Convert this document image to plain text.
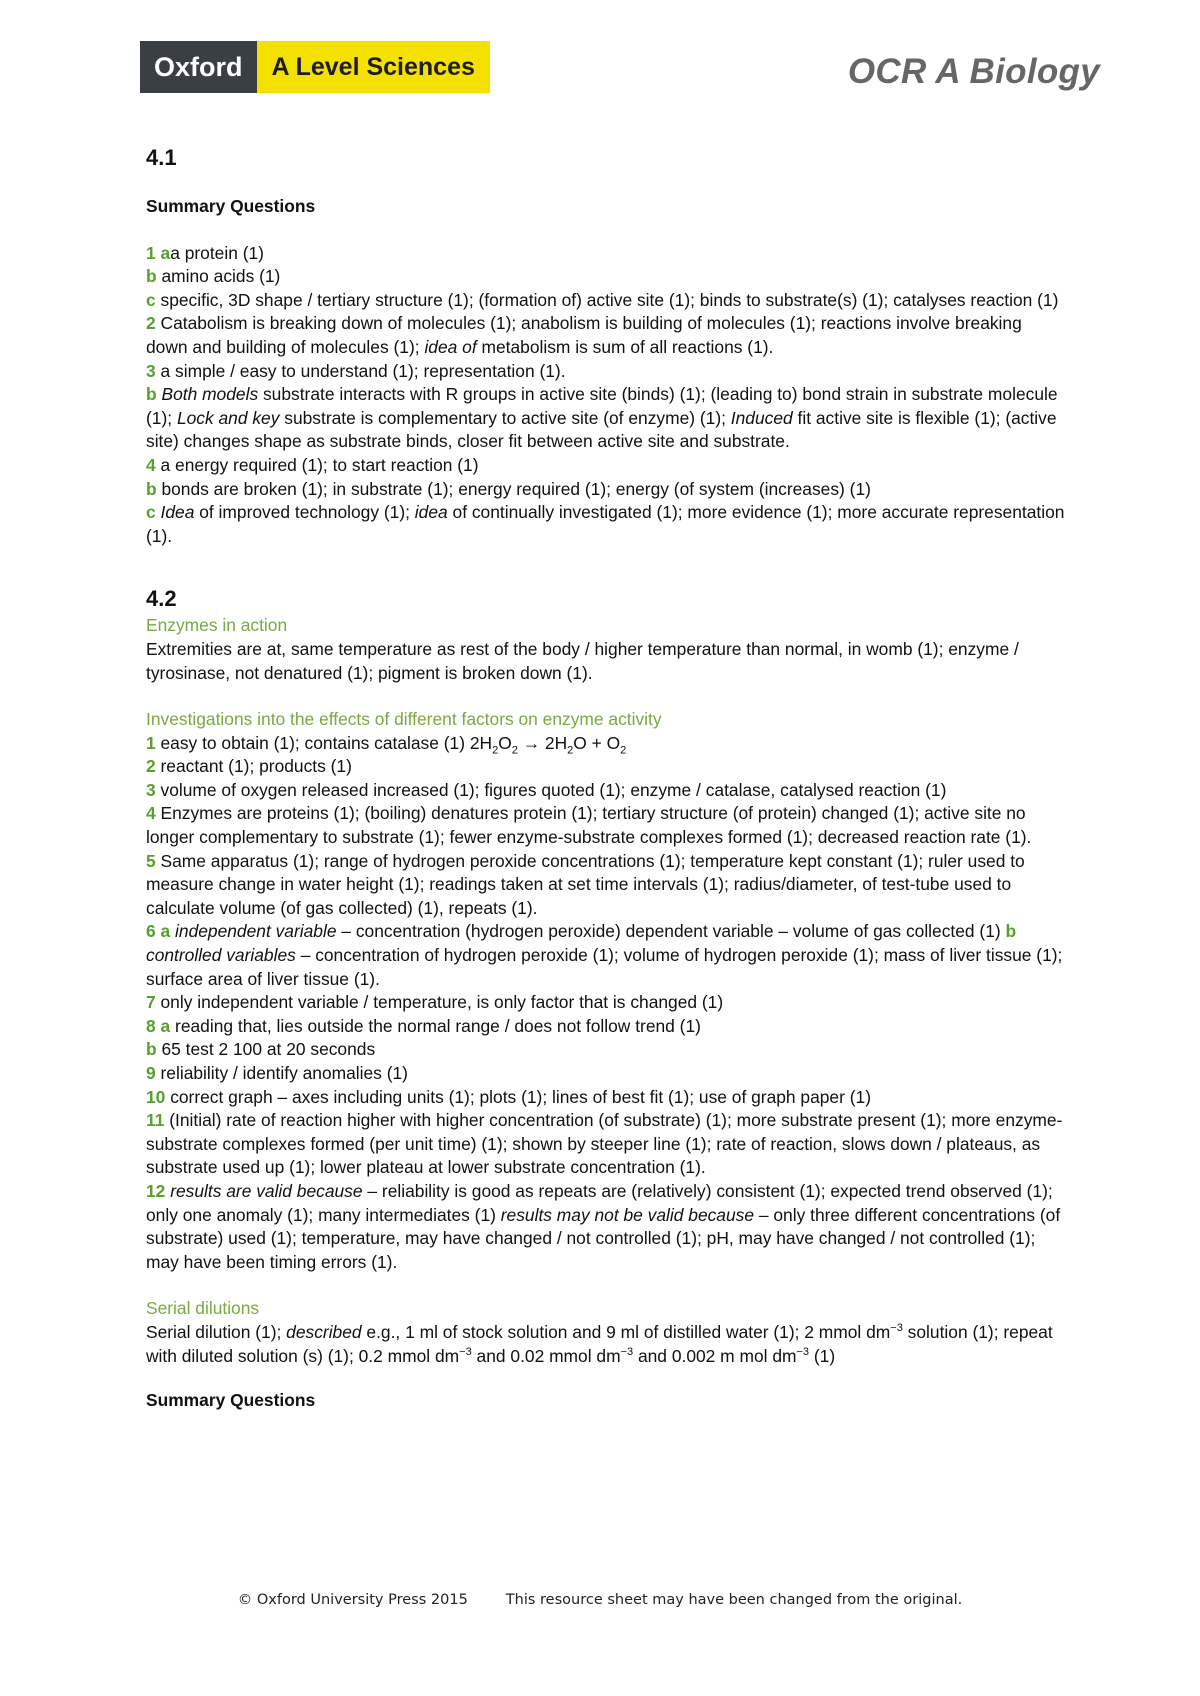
Oxford	A Level Sciences	OCR A Biology
4.1

Summary Questions

1 aa protein (1)

b amino acids (1)

c specific, 3D shape / tertiary structure (1); (formation of) active site (1); binds to substrate(s) (1); catalyses reaction (1)

2 Catabolism is breaking down of molecules (1); anabolism is building of molecules (1); reactions involve breaking down and building of molecules (1); idea of metabolism is sum of all reactions (1).

3 a simple / easy to understand (1); representation (1).

b Both models substrate interacts with R groups in active site (binds) (1); (leading to) bond strain in substrate molecule (1); Lock and key substrate is complementary to active site (of enzyme) (1); Induced fit active site is flexible (1); (active site) changes shape as substrate binds, closer fit between active site and substrate.

4 a energy required (1); to start reaction (1)

b bonds are broken (1); in substrate (1); energy required (1); energy (of system (increases) (1)

c Idea of improved technology (1); idea of continually investigated (1); more evidence (1); more accurate representation (1).

4.2

Enzymes in action

Extremities are at, same temperature as rest of the body / higher temperature than normal, in womb (1); enzyme / tyrosinase, not denatured (1); pigment is broken down (1).

Investigations into the effects of different factors on enzyme activity

1 easy to obtain (1); contains catalase (1) $2H_2O_2 \to 2H_2O + O_2$

2 reactant (1); products (1)

3 volume of oxygen released increased (1); figures quoted (1); enzyme / catalase, catalysed reaction (1)

4 Enzymes are proteins (1); (boiling) denatures protein (1); tertiary structure (of protein) changed (1); active site no longer complementary to substrate (1); fewer enzyme-substrate complexes formed (1); decreased reaction rate (1).

5 Same apparatus (1); range of hydrogen peroxide concentrations (1); temperature kept constant (1); ruler used to measure change in water height (1); readings taken at set time intervals (1); radius/diameter, of test-tube used to calculate volume (of gas collected) (1), repeats (1).

6 a independent variable – concentration (hydrogen peroxide) dependent variable – volume of gas collected (1) b controlled variables – concentration of hydrogen peroxide (1); volume of hydrogen peroxide (1); mass of liver tissue (1); surface area of liver tissue (1).

7 only independent variable / temperature, is only factor that is changed (1)

8 a reading that, lies outside the normal range / does not follow trend (1)

b 65 test 2 100 at 20 seconds

9 reliability / identify anomalies (1)

10 correct graph – axes including units (1); plots (1); lines of best fit (1); use of graph paper (1)

11 (Initial) rate of reaction higher with higher concentration (of substrate) (1); more substrate present (1); more enzyme-substrate complexes formed (per unit time) (1); shown by steeper line (1); rate of reaction, slows down / plateaus, as substrate used up (1); lower plateau at lower substrate concentration (1).

12 results are valid because – reliability is good as repeats are (relatively) consistent (1); expected trend observed (1); only one anomaly (1); many intermediates (1) results may not be valid because – only three different concentrations (of substrate) used (1); temperature, may have changed / not controlled (1); pH, may have changed / not controlled (1); may have been timing errors (1).

Serial dilutions

Serial dilution (1); described e.g., 1 ml of stock solution and 9 ml of distilled water (1); 2 mmol $dm^{-3}$ solution (1); repeat with diluted solution (s) (1); 0.2 mmol $dm^{-3}$ and 0.02 mmol $dm^{-3}$ and 0.002 m mol $dm^{-3}$ (1)

Summary Questions

© Oxford University Press 2015	This resource sheet may have been changed from the original.
